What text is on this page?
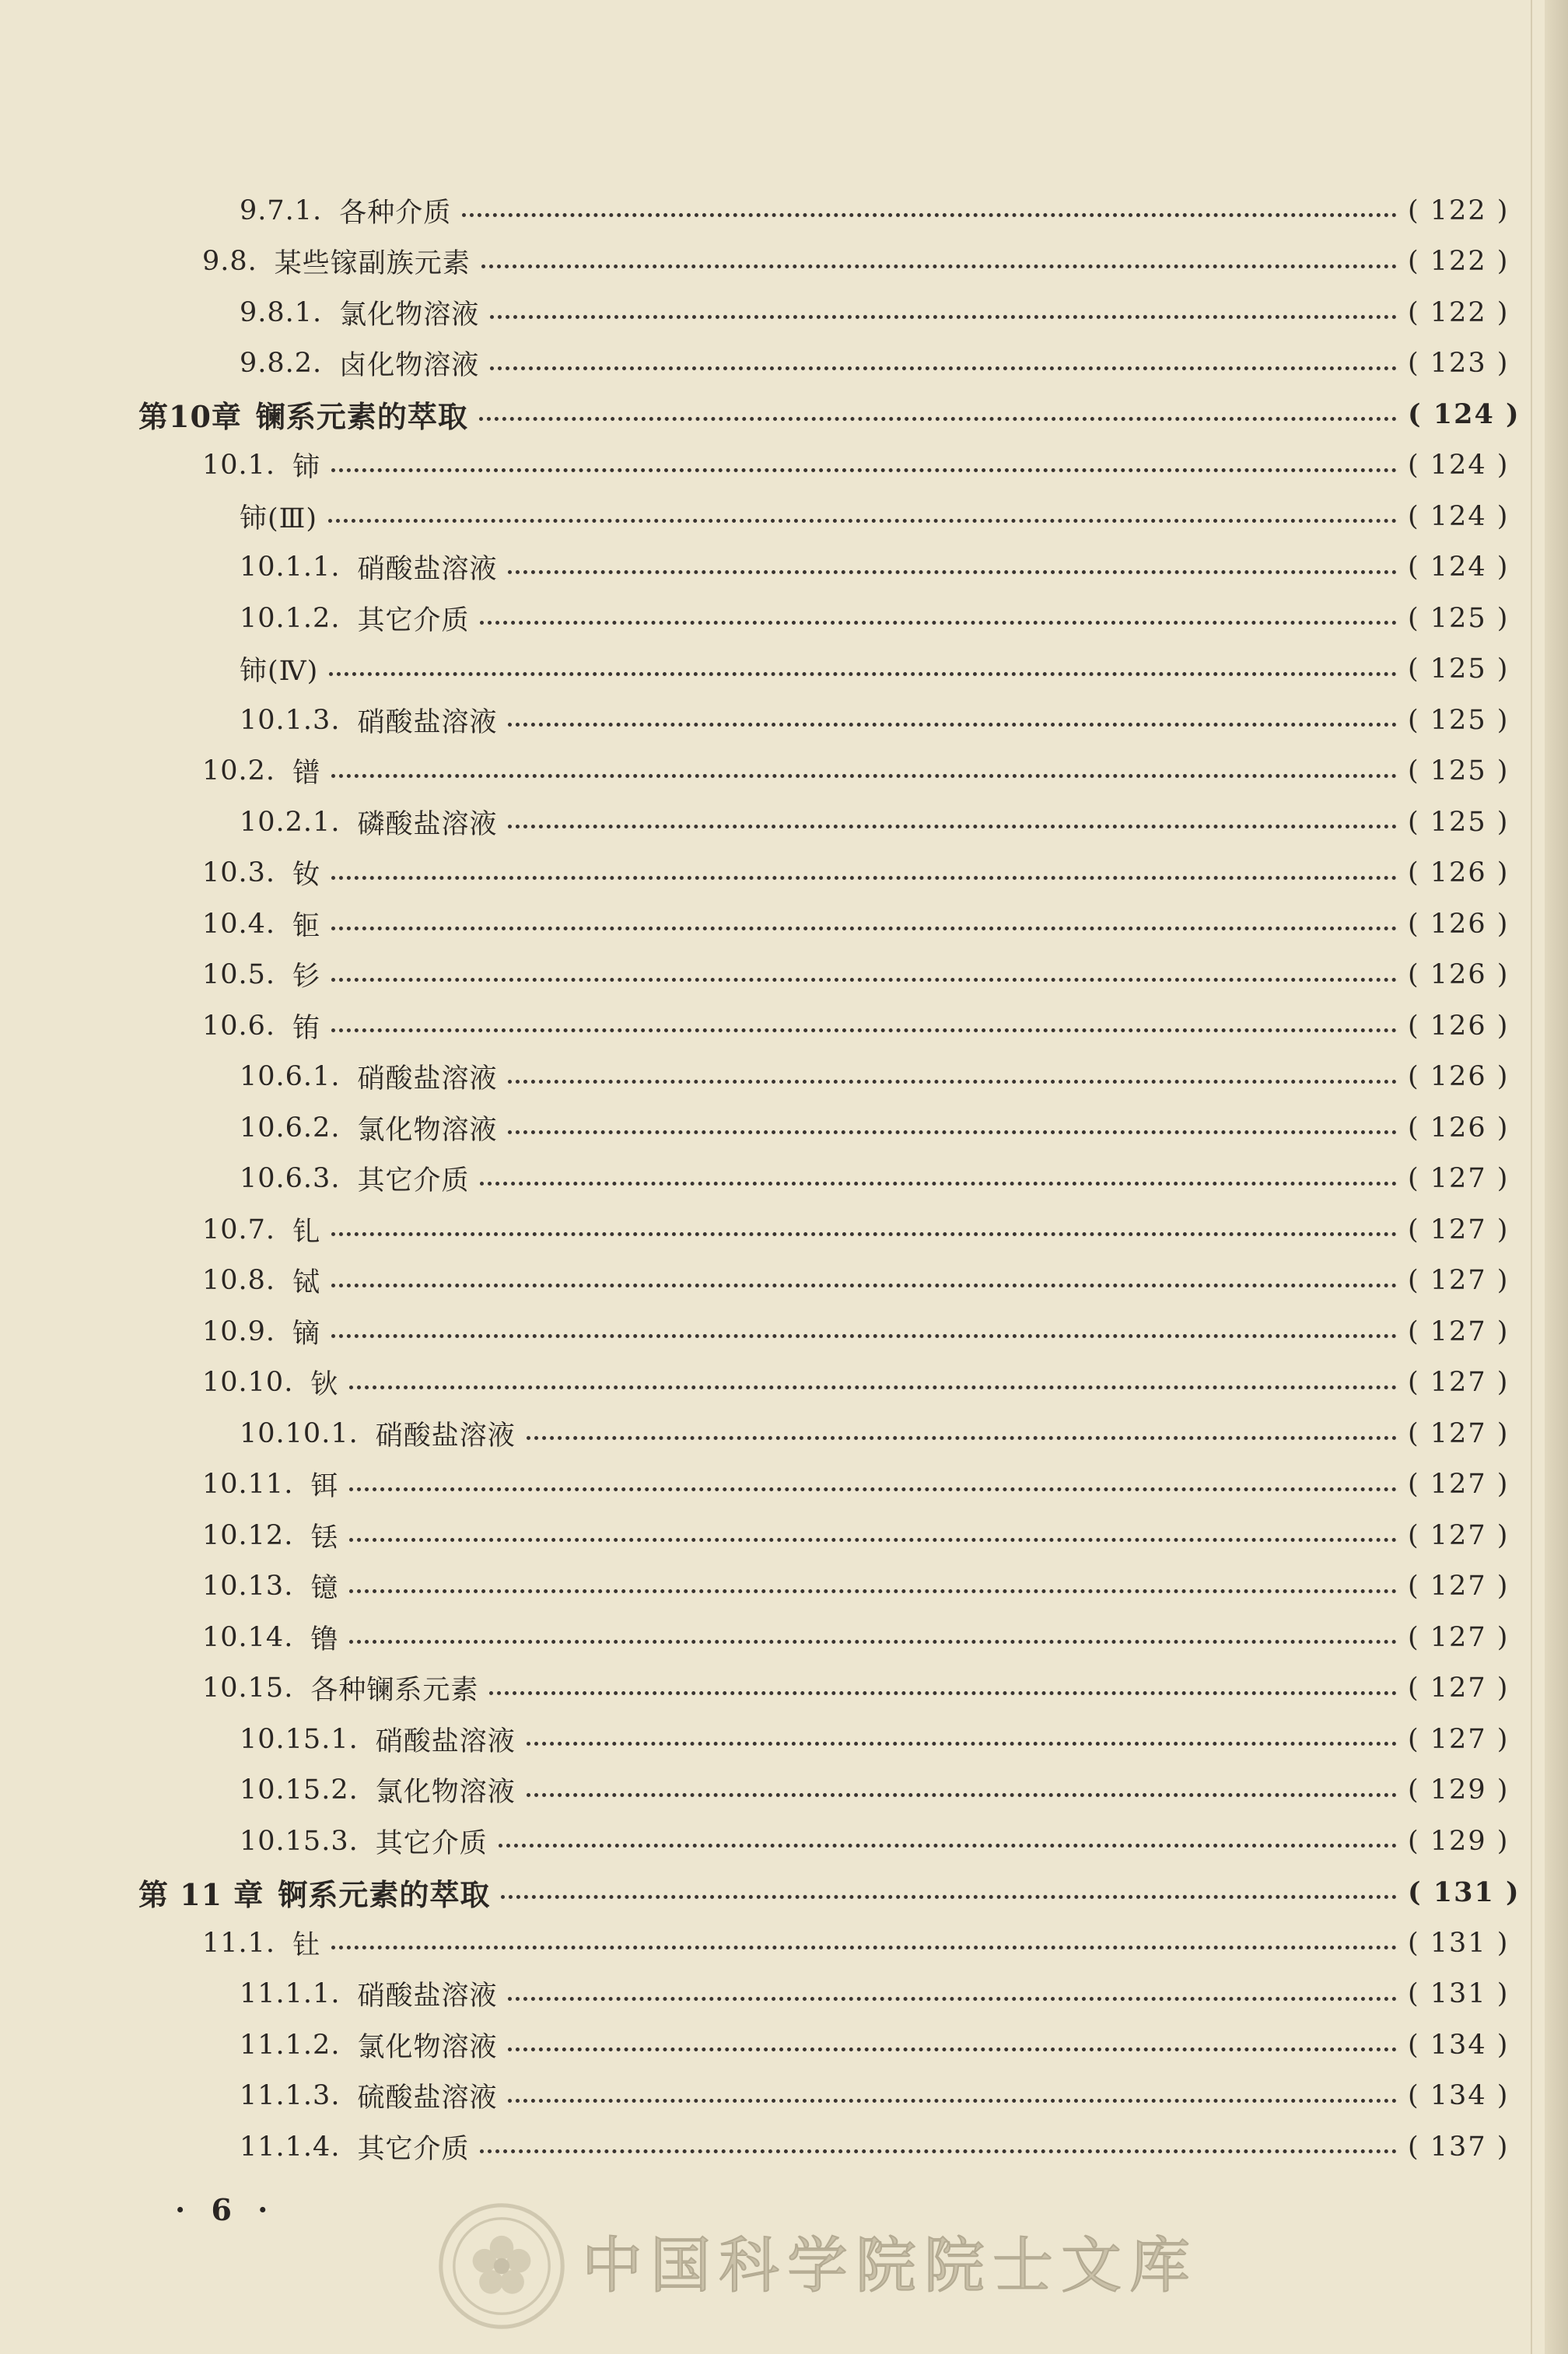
9.7.1. 各种介质	( 122 )
9.8. 某些镓副族元素	( 122 )
9.8.1. 氯化物溶液	( 122 )
9.8.2. 卤化物溶液	( 123 )
第10章 镧系元素的萃取	( 124 )
10.1. 铈	( 124 )
铈(Ⅲ)	( 124 )
10.1.1. 硝酸盐溶液	( 124 )
10.1.2. 其它介质	( 125 )
铈(Ⅳ)	( 125 )
10.1.3. 硝酸盐溶液	( 125 )
10.2. 镨	( 125 )
10.2.1. 磷酸盐溶液	( 125 )
10.3. 钕	( 126 )
10.4. 钷	( 126 )
10.5. 钐	( 126 )
10.6. 铕	( 126 )
10.6.1. 硝酸盐溶液	( 126 )
10.6.2. 氯化物溶液	( 126 )
10.6.3. 其它介质	( 127 )
10.7. 钆	( 127 )
10.8. 铽	( 127 )
10.9. 镝	( 127 )
10.10. 钬	( 127 )
10.10.1. 硝酸盐溶液	( 127 )
10.11. 铒	( 127 )
10.12. 铥	( 127 )
10.13. 镱	( 127 )
10.14. 镥	( 127 )
10.15. 各种镧系元素	( 127 )
10.15.1. 硝酸盐溶液	( 127 )
10.15.2. 氯化物溶液	( 129 )
10.15.3. 其它介质	( 129 )
第 11 章 锕系元素的萃取	( 131 )
11.1. 钍	( 131 )
11.1.1. 硝酸盐溶液	( 131 )
11.1.2. 氯化物溶液	( 134 )
11.1.3. 硫酸盐溶液	( 134 )
11.1.4. 其它介质	( 137 )
· 6 ·
中国科学院院士文库
